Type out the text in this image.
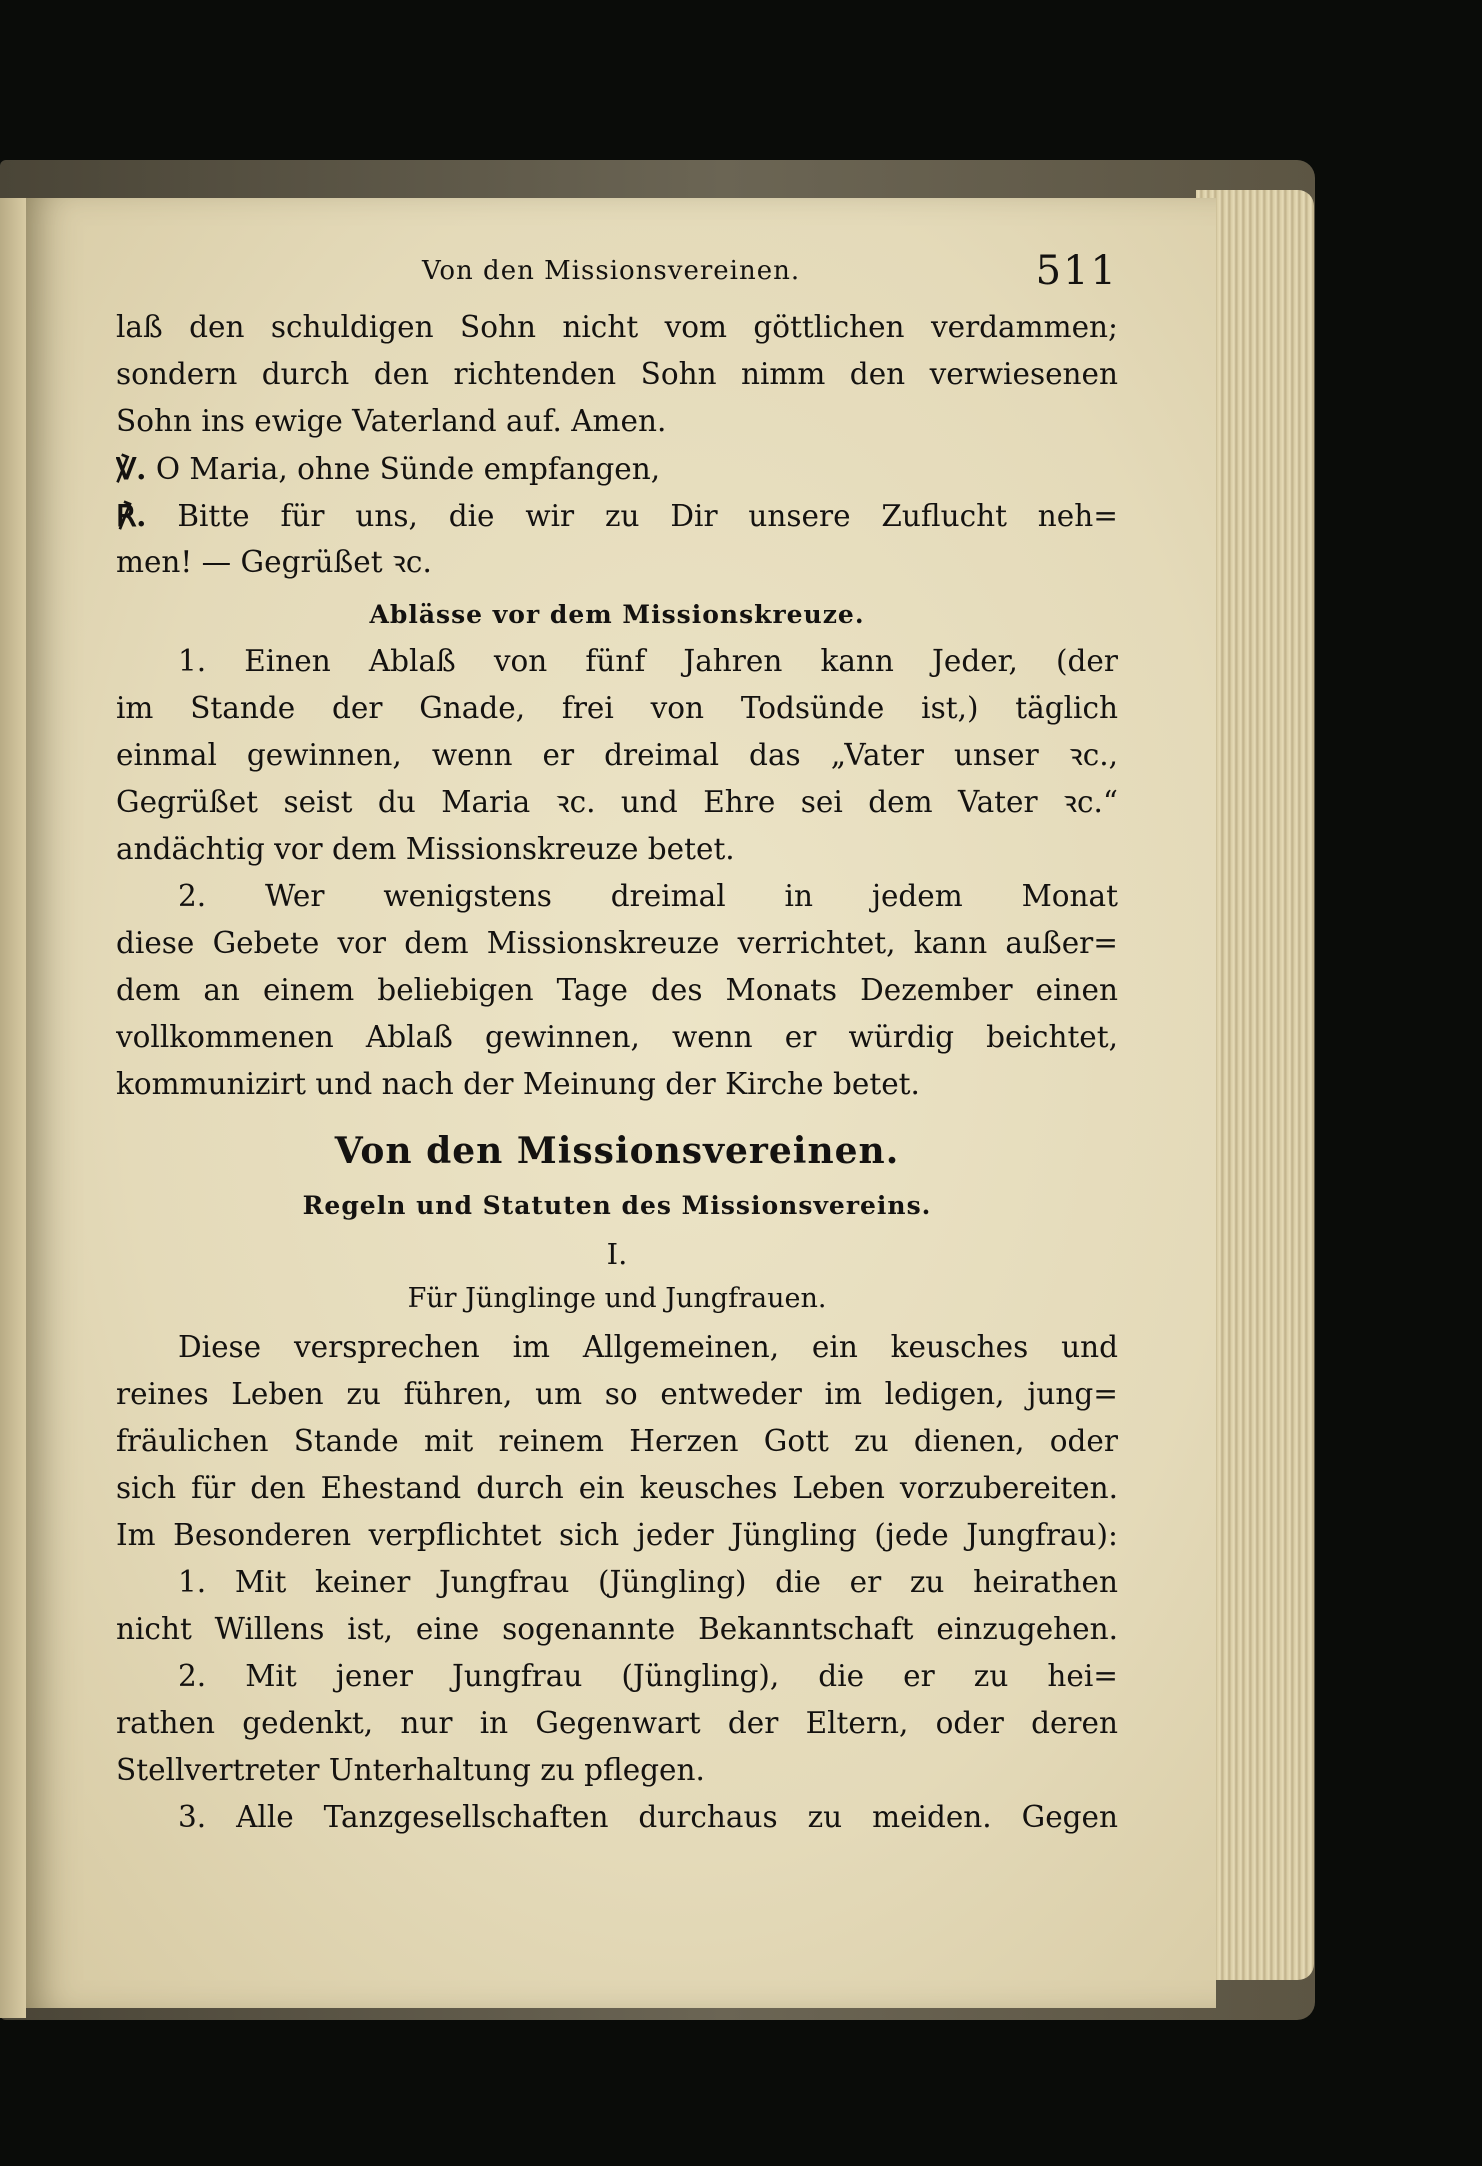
Von den Missionsvereinen.	511
laß den schuldigen Sohn nicht vom göttlichen verdammen;
sondern durch den richtenden Sohn nimm den verwiesenen
Sohn ins ewige Vaterland auf. Amen.
℣. O Maria, ohne Sünde empfangen,
℟. Bitte für uns, die wir zu Dir unsere Zuflucht neh=
men! — Gegrüßet ꝛc.
Ablässe vor dem Missionskreuze.
1. Einen Ablaß von fünf Jahren kann Jeder, (der
im Stande der Gnade, frei von Todsünde ist,) täglich
einmal gewinnen, wenn er dreimal das „Vater unser ꝛc.,
Gegrüßet seist du Maria ꝛc. und Ehre sei dem Vater ꝛc.“
andächtig vor dem Missionskreuze betet.
2. Wer wenigstens dreimal in jedem Monat
diese Gebete vor dem Missionskreuze verrichtet, kann außer=
dem an einem beliebigen Tage des Monats Dezember einen
vollkommenen Ablaß gewinnen, wenn er würdig beichtet,
kommunizirt und nach der Meinung der Kirche betet.
Von den Missionsvereinen.
Regeln und Statuten des Missionsvereins.
I.
Für Jünglinge und Jungfrauen.
Diese versprechen im Allgemeinen, ein keusches und
reines Leben zu führen, um so entweder im ledigen, jung=
fräulichen Stande mit reinem Herzen Gott zu dienen, oder
sich für den Ehestand durch ein keusches Leben vorzubereiten.
Im Besonderen verpflichtet sich jeder Jüngling (jede Jungfrau):
1. Mit keiner Jungfrau (Jüngling) die er zu heirathen
nicht Willens ist, eine sogenannte Bekanntschaft einzugehen.
2. Mit jener Jungfrau (Jüngling), die er zu hei=
rathen gedenkt, nur in Gegenwart der Eltern, oder deren
Stellvertreter Unterhaltung zu pflegen.
3. Alle Tanzgesellschaften durchaus zu meiden. Gegen
